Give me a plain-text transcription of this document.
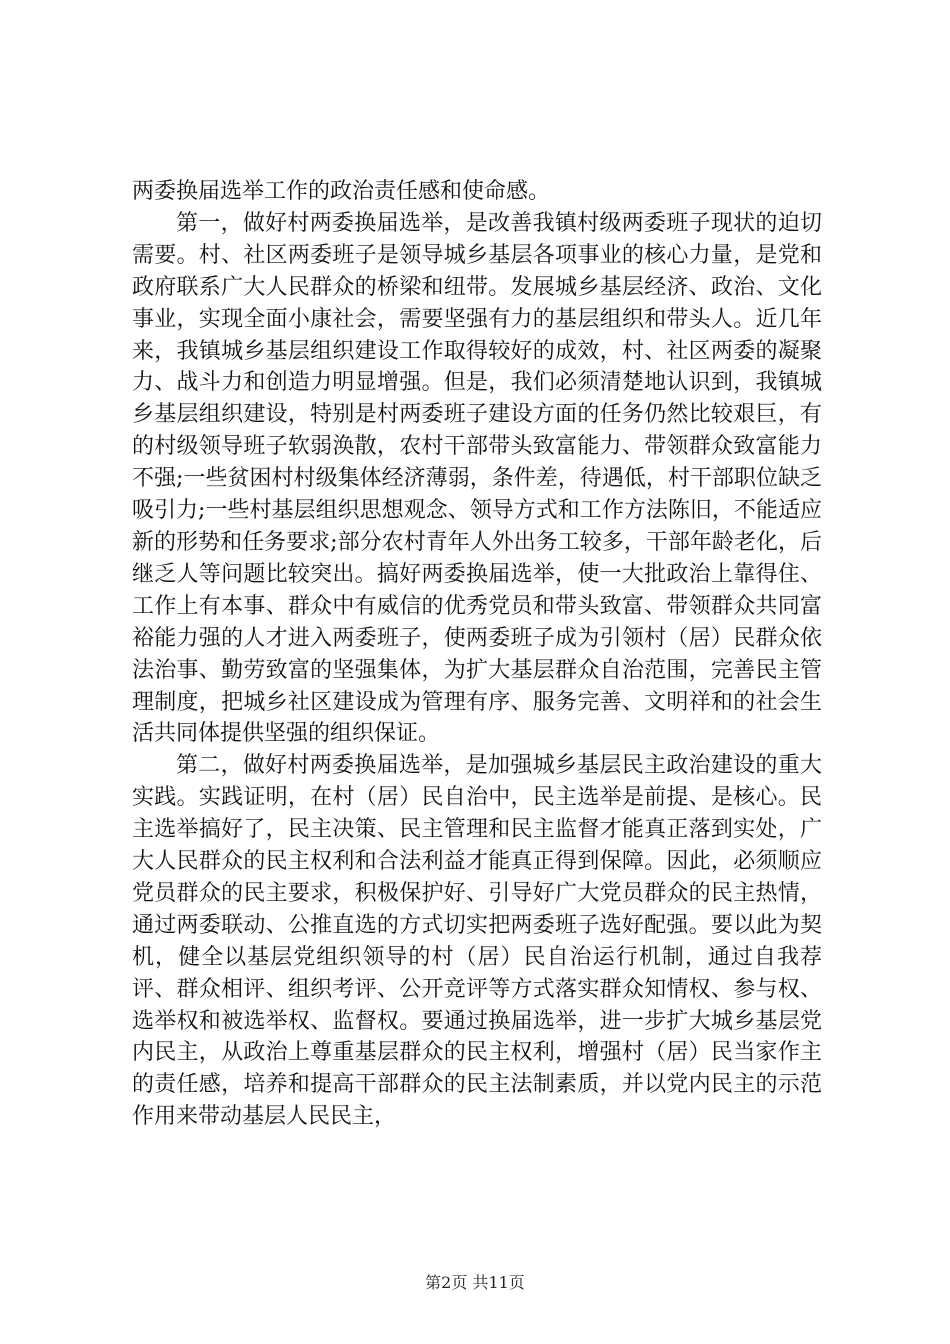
两委换届选举工作的政治责任感和使命感。

第一，做好村两委换届选举，是改善我镇村级两委班子现状的迫切需要。村、社区两委班子是领导城乡基层各项事业的核心力量，是党和政府联系广大人民群众的桥梁和纽带。发展城乡基层经济、政治、文化事业，实现全面小康社会，需要坚强有力的基层组织和带头人。近几年来，我镇城乡基层组织建设工作取得较好的成效，村、社区两委的凝聚力、战斗力和创造力明显增强。但是，我们必须清楚地认识到，我镇城乡基层组织建设，特别是村两委班子建设方面的任务仍然比较艰巨，有的村级领导班子软弱涣散，农村干部带头致富能力、带领群众致富能力不强;一些贫困村村级集体经济薄弱，条件差，待遇低，村干部职位缺乏吸引力;一些村基层组织思想观念、领导方式和工作方法陈旧，不能适应新的形势和任务要求;部分农村青年人外出务工较多，干部年龄老化，后继乏人等问题比较突出。搞好两委换届选举，使一大批政治上靠得住、工作上有本事、群众中有威信的优秀党员和带头致富、带领群众共同富裕能力强的人才进入两委班子，使两委班子成为引领村（居）民群众依法治事、勤劳致富的坚强集体，为扩大基层群众自治范围，完善民主管理制度，把城乡社区建设成为管理有序、服务完善、文明祥和的社会生活共同体提供坚强的组织保证。

第二，做好村两委换届选举，是加强城乡基层民主政治建设的重大实践。实践证明，在村（居）民自治中，民主选举是前提、是核心。民主选举搞好了，民主决策、民主管理和民主监督才能真正落到实处，广大人民群众的民主权利和合法利益才能真正得到保障。因此，必须顺应党员群众的民主要求，积极保护好、引导好广大党员群众的民主热情，通过两委联动、公推直选的方式切实把两委班子选好配强。要以此为契机，健全以基层党组织领导的村（居）民自治运行机制，通过自我荐评、群众相评、组织考评、公开竞评等方式落实群众知情权、参与权、选举权和被选举权、监督权。要通过换届选举，进一步扩大城乡基层党内民主，从政治上尊重基层群众的民主权利，增强村（居）民当家作主的责任感，培养和提高干部群众的民主法制素质，并以党内民主的示范作用来带动基层人民民主，

第2页 共11页
